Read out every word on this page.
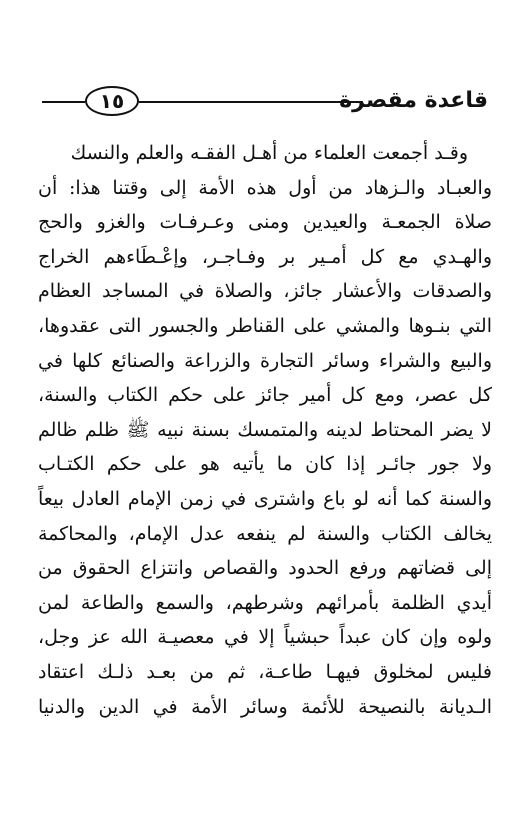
١٥	قاعدة مقصرة
وقـد أجمعت العلماء من أهـل الفقـه والعلم والنسك
والعبـاد والـزهاد من أول هذه الأمة إلى وقتنا هذا: أن
صلاة الجمعـة والعيدين ومنى وعـرفـات والغزو والحج
والهـدي مع كل أمـير بر وفـاجـر، وإعْـطَاءهم الخراج
والصدقات والأعشار جائز، والصلاة في المساجد العظام
التي بنـوها والمشي على القناطر والجسور التى عقدوها،
والبيع والشراء وسائر التجارة والزراعة والصنائع كلها في
كل عصر، ومع كل أمير جائز على حكم الكتاب والسنة،
لا يضر المحتاط لدينه والمتمسك بسنة نبيه ﷺ ظلم ظالم
ولا جور جائـر إذا كان ما يأتيه هو على حكم الكتـاب
والسنة كما أنه لو باع واشترى في زمن الإمام العادل بيعاً
يخالف الكتاب والسنة لم ينفعه عدل الإمام، والمحاكمة
إلى قضاتهم ورفع الحدود والقصاص وانتزاع الحقوق من
أيدي الظلمة بأمرائهم وشرطهم، والسمع والطاعة لمن
ولوه وإن كان عبداً حبشياً إلا في معصيـة الله عز وجل،
فليس لمخلوق فيهـا طاعـة، ثم من بعـد ذلـك اعتقاد
الـديانة بالنصيحة للأئمة وسائر الأمة في الدين والدنيا
